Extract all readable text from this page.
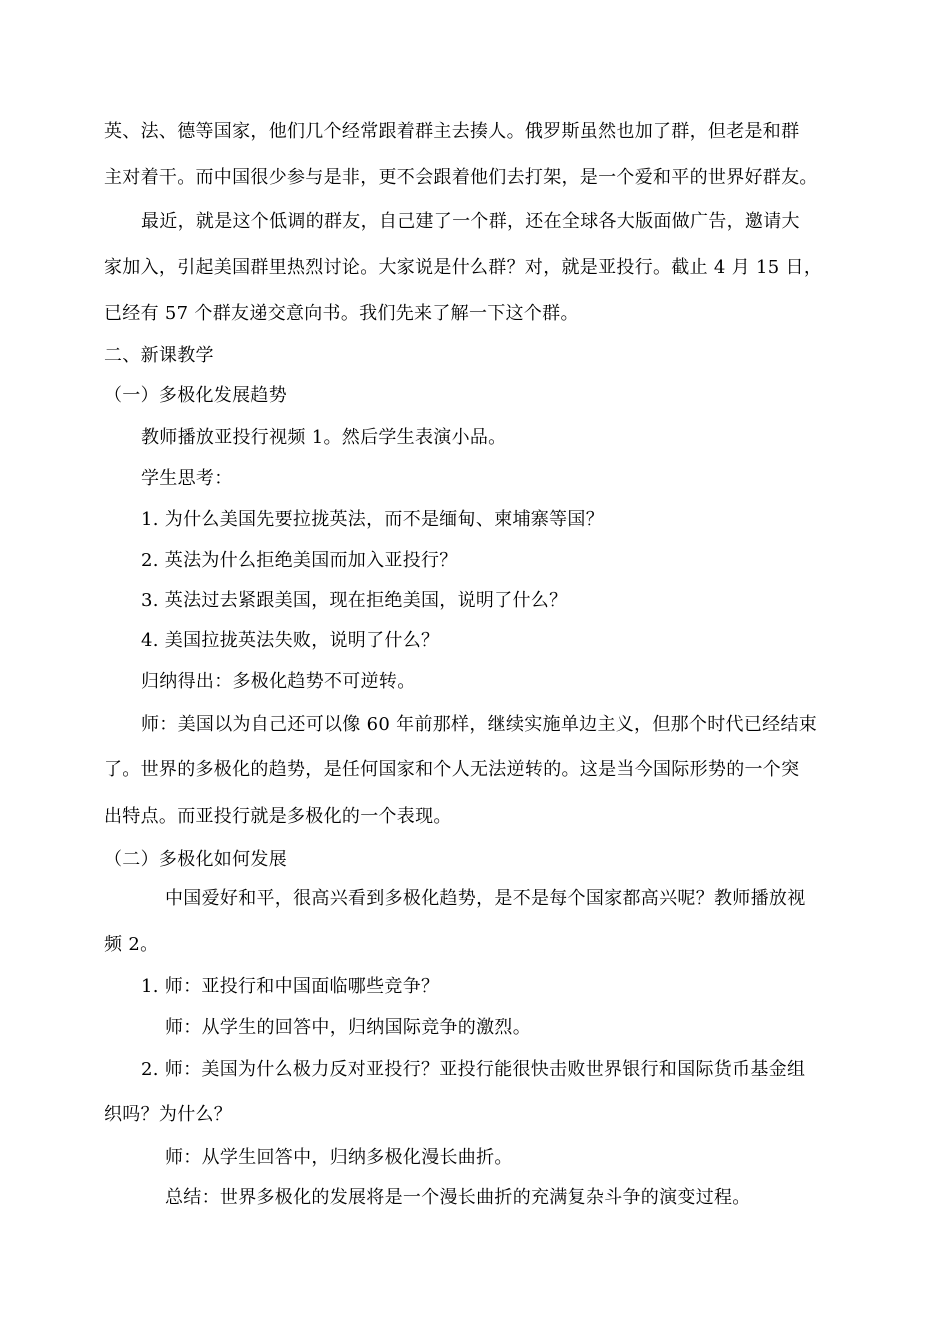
英、法、德等国家，他们几个经常跟着群主去揍人。俄罗斯虽然也加了群，但老是和群
主对着干。而中国很少参与是非，更不会跟着他们去打架，是一个爱和平的世界好群友。
最近，就是这个低调的群友，自己建了一个群，还在全球各大版面做广告，邀请大
家加入，引起美国群里热烈讨论。大家说是什么群？对，就是亚投行。截止 4 月 15 日，
已经有 57 个群友递交意向书。我们先来了解一下这个群。
二、新课教学
（一）多极化发展趋势
教师播放亚投行视频 1。然后学生表演小品。
学生思考：
1. 为什么美国先要拉拢英法，而不是缅甸、柬埔寨等国？
2. 英法为什么拒绝美国而加入亚投行？
3. 英法过去紧跟美国，现在拒绝美国，说明了什么？
4. 美国拉拢英法失败，说明了什么？
归纳得出：多极化趋势不可逆转。
师：美国以为自己还可以像 60 年前那样，继续实施单边主义，但那个时代已经结束
了。世界的多极化的趋势，是任何国家和个人无法逆转的。这是当今国际形势的一个突
出特点。而亚投行就是多极化的一个表现。
（二）多极化如何发展
中国爱好和平，很高兴看到多极化趋势，是不是每个国家都高兴呢？教师播放视
频 2。
1. 师：亚投行和中国面临哪些竞争？
师：从学生的回答中，归纳国际竞争的激烈。
2. 师：美国为什么极力反对亚投行？亚投行能很快击败世界银行和国际货币基金组
织吗？为什么？
师：从学生回答中，归纳多极化漫长曲折。
总结：世界多极化的发展将是一个漫长曲折的充满复杂斗争的演变过程。
